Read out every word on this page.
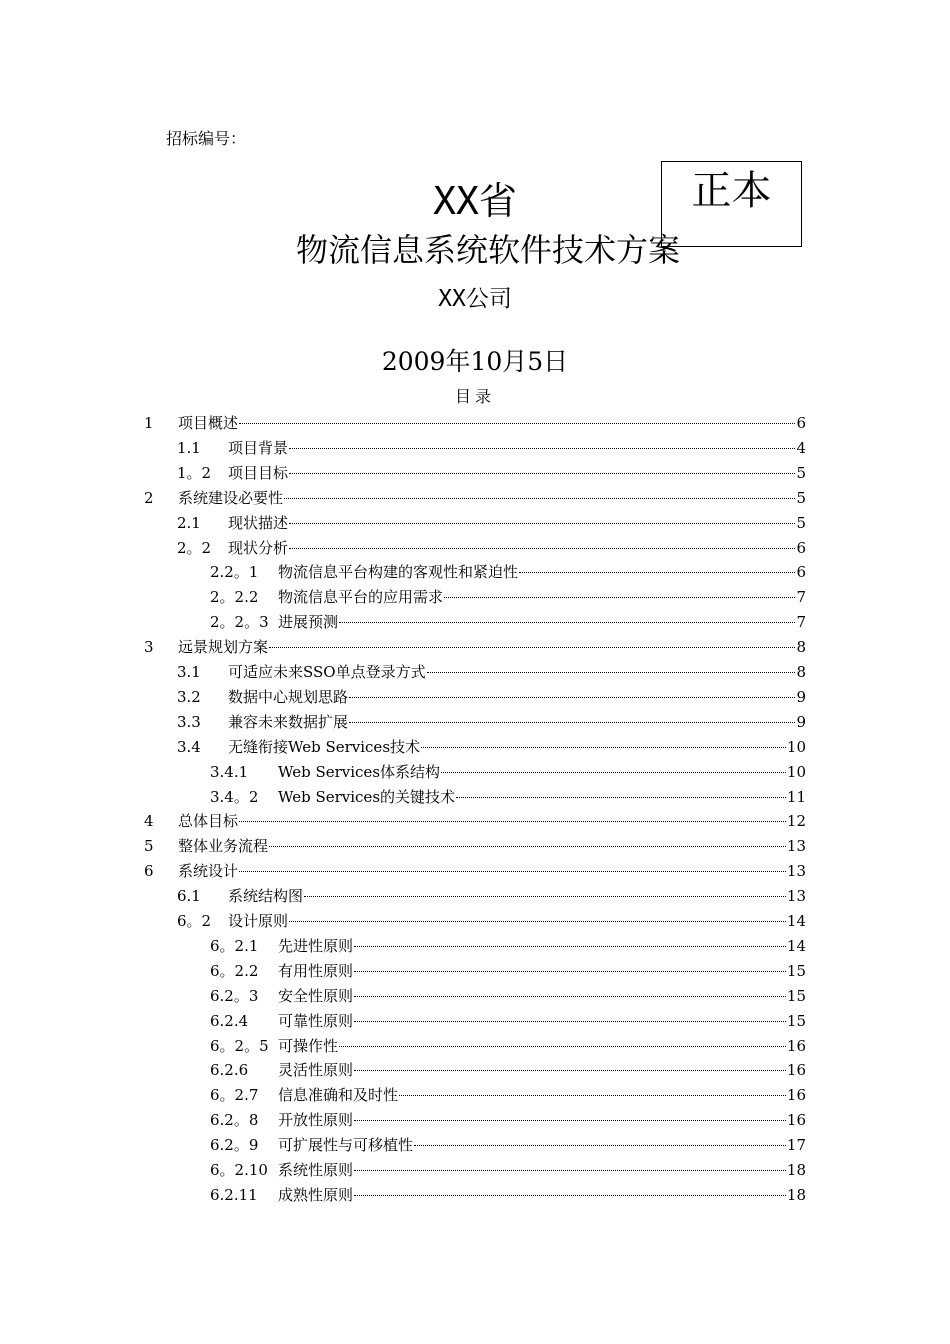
招标编号：
正本
XX省
物流信息系统软件技术方案
XX公司
2009年10月5日
目录
1	项目概述	6
1.1	项目背景	4
1。2	项目目标	5
2	系统建设必要性	5
2.1	现状描述	5
2。2	现状分析	6
2.2。1	物流信息平台构建的客观性和紧迫性	6
2。2.2	物流信息平台的应用需求	7
2。2。3 进展预测	7
3	远景规划方案	8
3.1	可适应未来SSO单点登录方式	8
3.2	数据中心规划思路	9
3.3	兼容未来数据扩展	9
3.4	无缝衔接Web Services技术	10
3.4.1	Web Services体系结构	10
3.4。2	Web Services的关键技术	11
4	总体目标	12
5	整体业务流程	13
6	系统设计	13
6.1	系统结构图	13
6。2	设计原则	14
6。2.1	先进性原则	14
6。2.2	有用性原则	15
6.2。3	安全性原则	15
6.2.4	可靠性原则	15
6。2。5 可操作性	16
6.2.6	灵活性原则	16
6。2.7	信息准确和及时性	16
6.2。8	开放性原则	16
6.2。9	可扩展性与可移植性	17
6。2.10 系统性原则	18
6.2.11	成熟性原则	18
